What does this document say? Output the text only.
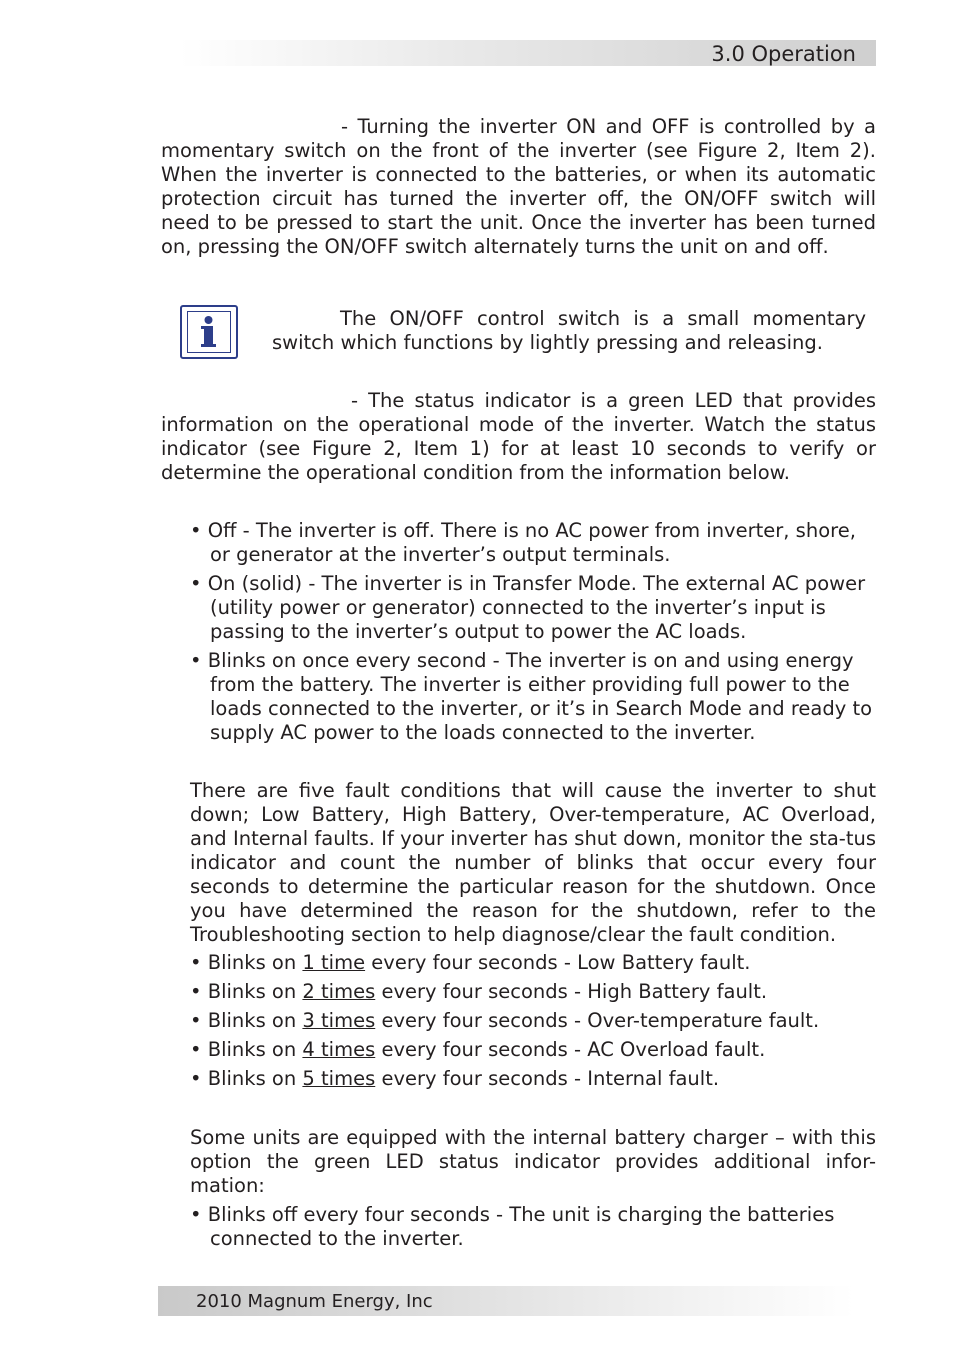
3.0 Operation

- Turning the inverter ON and OFF is controlled by a momentary switch on the front of the inverter (see Figure 2, Item 2). When the inverter is connected to the batteries, or when its automatic protection circuit has turned the inverter off, the ON/OFF switch will need to be pressed to start the unit. Once the inverter has been turned on, pressing the ON/OFF switch alternately turns the unit on and off.

The ON/OFF control switch is a small momentary switch which functions by lightly pressing and releasing.

- The status indicator is a green LED that provides information on the operational mode of the inverter. Watch the status indicator (see Figure 2, Item 1) for at least 10 seconds to verify or determine the operational condition from the information below.

• Off - The inverter is off. There is no AC power from inverter, shore, or generator at the inverter’s output terminals.
• On (solid) - The inverter is in Transfer Mode. The external AC power (utility power or generator) connected to the inverter’s input is passing to the inverter’s output to power the AC loads.
• Blinks on once every second - The inverter is on and using energy from the battery. The inverter is either providing full power to the loads connected to the inverter, or it’s in Search Mode and ready to supply AC power to the loads connected to the inverter.

There are five fault conditions that will cause the inverter to shut down; Low Battery, High Battery, Over-temperature, AC Overload, and Internal faults. If your inverter has shut down, monitor the sta-tus indicator and count the number of blinks that occur every four seconds to determine the particular reason for the shutdown. Once you have determined the reason for the shutdown, refer to the Troubleshooting section to help diagnose/clear the fault condition.

• Blinks on 1 time every four seconds - Low Battery fault.
• Blinks on 2 times every four seconds - High Battery fault.
• Blinks on 3 times every four seconds - Over-temperature fault.
• Blinks on 4 times every four seconds - AC Overload fault.
• Blinks on 5 times every four seconds - Internal fault.

Some units are equipped with the internal battery charger – with this option the green LED status indicator provides additional infor-mation:

• Blinks off every four seconds - The unit is charging the batteries connected to the inverter.
2010 Magnum Energy, Inc
